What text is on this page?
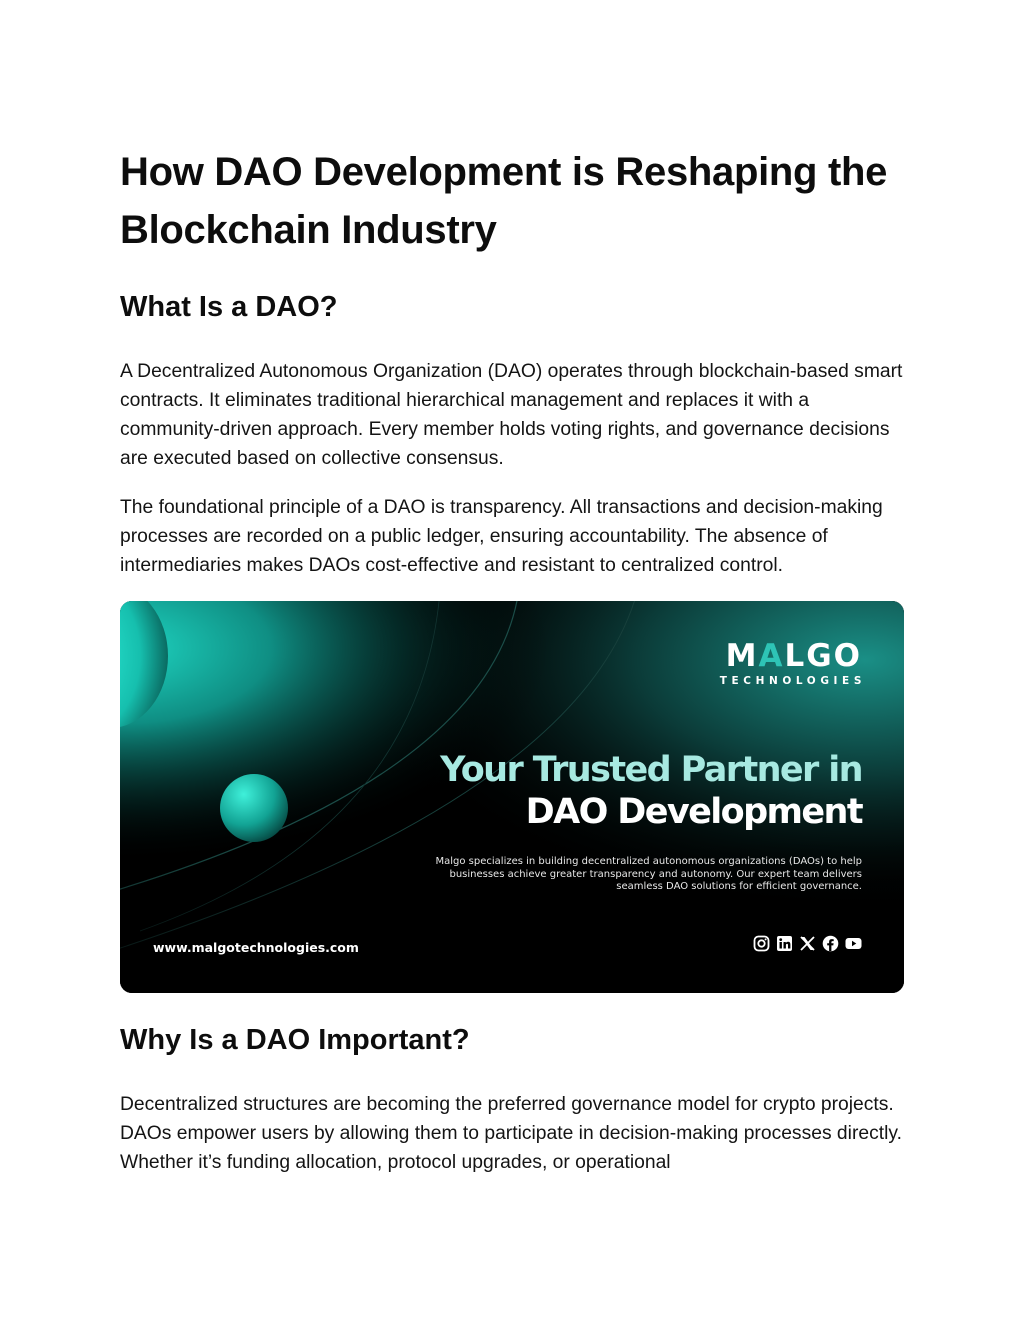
How DAO Development is Reshaping the Blockchain Industry
What Is a DAO?

A Decentralized Autonomous Organization (DAO) operates through blockchain-based smart contracts. It eliminates traditional hierarchical management and replaces it with a community-driven approach. Every member holds voting rights, and governance decisions are executed based on collective consensus.

The foundational principle of a DAO is transparency. All transactions and decision-making processes are recorded on a public ledger, ensuring accountability. The absence of intermediaries makes DAOs cost-effective and resistant to centralized control.

Why Is a DAO Important?

Decentralized structures are becoming the preferred governance model for crypto projects. DAOs empower users by allowing them to participate in decision-making processes directly. Whether it’s funding allocation, protocol upgrades, or operational

MALGO
TECHNOLOGIES
Your Trusted Partner in
DAO Development
Malgo specializes in building decentralized autonomous organizations (DAOs) to help businesses achieve greater transparency and autonomy. Our expert team delivers seamless DAO solutions for efficient governance.
www.malgotechnologies.com
